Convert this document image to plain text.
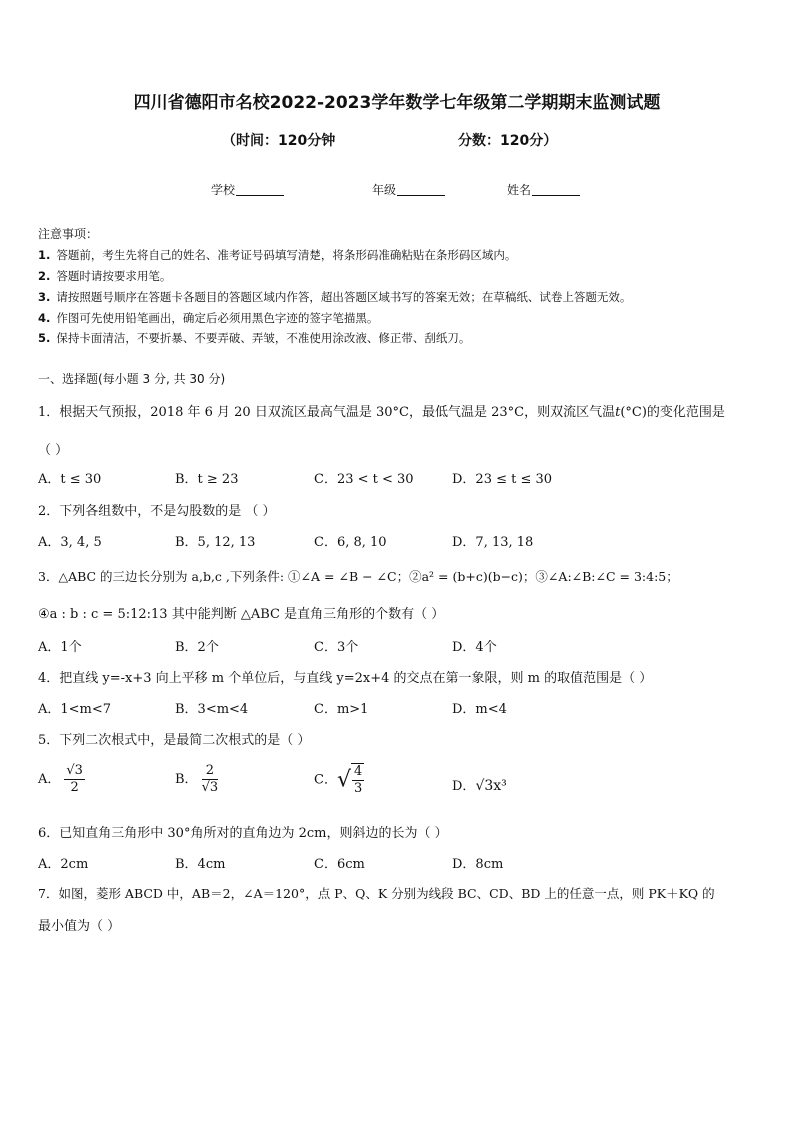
四川省德阳市名校2022-2023学年数学七年级第二学期期末监测试题
（时间：120分钟	分数：120分）
学校	年级	姓名
注意事项：
1. 答题前，考生先将自己的姓名、准考证号码填写清楚，将条形码准确粘贴在条形码区域内。
2. 答题时请按要求用笔。
3. 请按照题号顺序在答题卡各题目的答题区域内作答，超出答题区域书写的答案无效；在草稿纸、试卷上答题无效。
4. 作图可先使用铅笔画出，确定后必须用黑色字迹的签字笔描黑。
5. 保持卡面清洁，不要折暴、不要弄破、弄皱，不准使用涂改液、修正带、刮纸刀。
一、选择题(每小题 3 分, 共 30 分)
1．根据天气预报，2018 年 6 月 20 日双流区最高气温是 30°C，最低气温是 23°C，则双流区气温t(°C)的变化范围是
（ ）
A．t ≤ 30	B．t ≥ 23	C．23 < t < 30	D．23 ≤ t ≤ 30
2．下列各组数中，不是勾股数的是 （ ）
A．3, 4, 5	B．5, 12, 13	C．6, 8, 10	D．7, 13, 18
3．△ABC 的三边长分别为 a,b,c ,下列条件: ①∠A = ∠B − ∠C；②a² = (b+c)(b−c)；③∠A:∠B:∠C = 3:4:5；
④a : b : c = 5:12:13 其中能判断 △ABC 是直角三角形的个数有（ ）
A．1个	B．2个	C．3个	D．4个
4．把直线 y=-x+3 向上平移 m 个单位后，与直线 y=2x+4 的交点在第一象限，则 m 的取值范围是（ ）
A．1<m<7	B．3<m<4	C．m>1	D．m<4
5．下列二次根式中，是最简二次根式的是（ ）
A． $\frac{√3}{2}$	B． $\frac{2}{√3}$	C．√ $\frac{4}{3}$	D．√3x³
6．已知直角三角形中 30°角所对的直角边为 2cm，则斜边的长为（ ）
A．2cm	B．4cm	C．6cm	D．8cm
7．如图，菱形 ABCD 中，AB＝2，∠A＝120°，点 P、Q、K 分别为线段 BC、CD、BD 上的任意一点，则 PK＋KQ 的
最小值为（ ）
